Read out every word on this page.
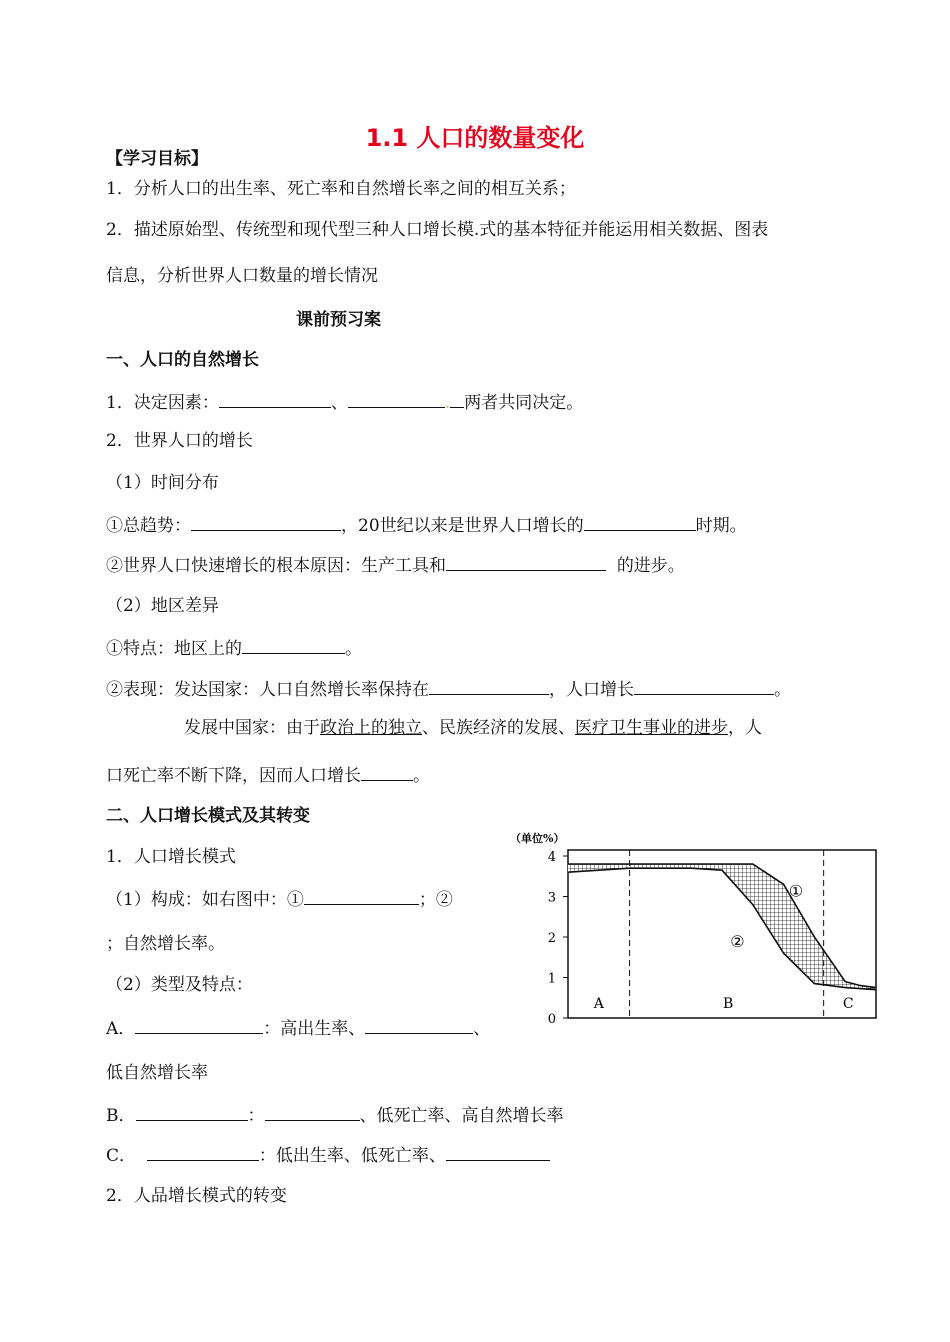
1.1 人口的数量变化
【学习目标】
1．分析人口的出生率、死亡率和自然增长率之间的相互关系；
2．描述原始型、传统型和现代型三种人口增长模.式的基本特征并能运用相关数据、图表
信息，分析世界人口数量的增长情况
课前预习案
一、人口的自然增长
1．决定因素：	、	. 两者共同决定。
2．世界人口的增长
（1）时间分布
①总趋势：	，20世纪以来是世界人口增长的	时期。
②世界人口快速增长的根本原因：生产工具和	的进步。
（2）地区差异
①特点：地区上的	。
②表现：发达国家：人口自然增长率保持在	，人口增长	。
发展中国家：由于政治上的独立、民族经济的发展、医疗卫生事业的进步，人
口死亡率不断下降，因而人口增长	。
二、人口增长模式及其转变
1．人口增长模式
（1）构成：如右图中：①	；②
；自然增长率。
（2）类型及特点：
A．	：高出生率、	、
低自然增长率
B．	：	、低死亡率、高自然增长率
C．	：低出生率、低死亡率、
2．人品增长模式的转变
（单位%）
0
1
2
3
4
A	B	C
①
②
